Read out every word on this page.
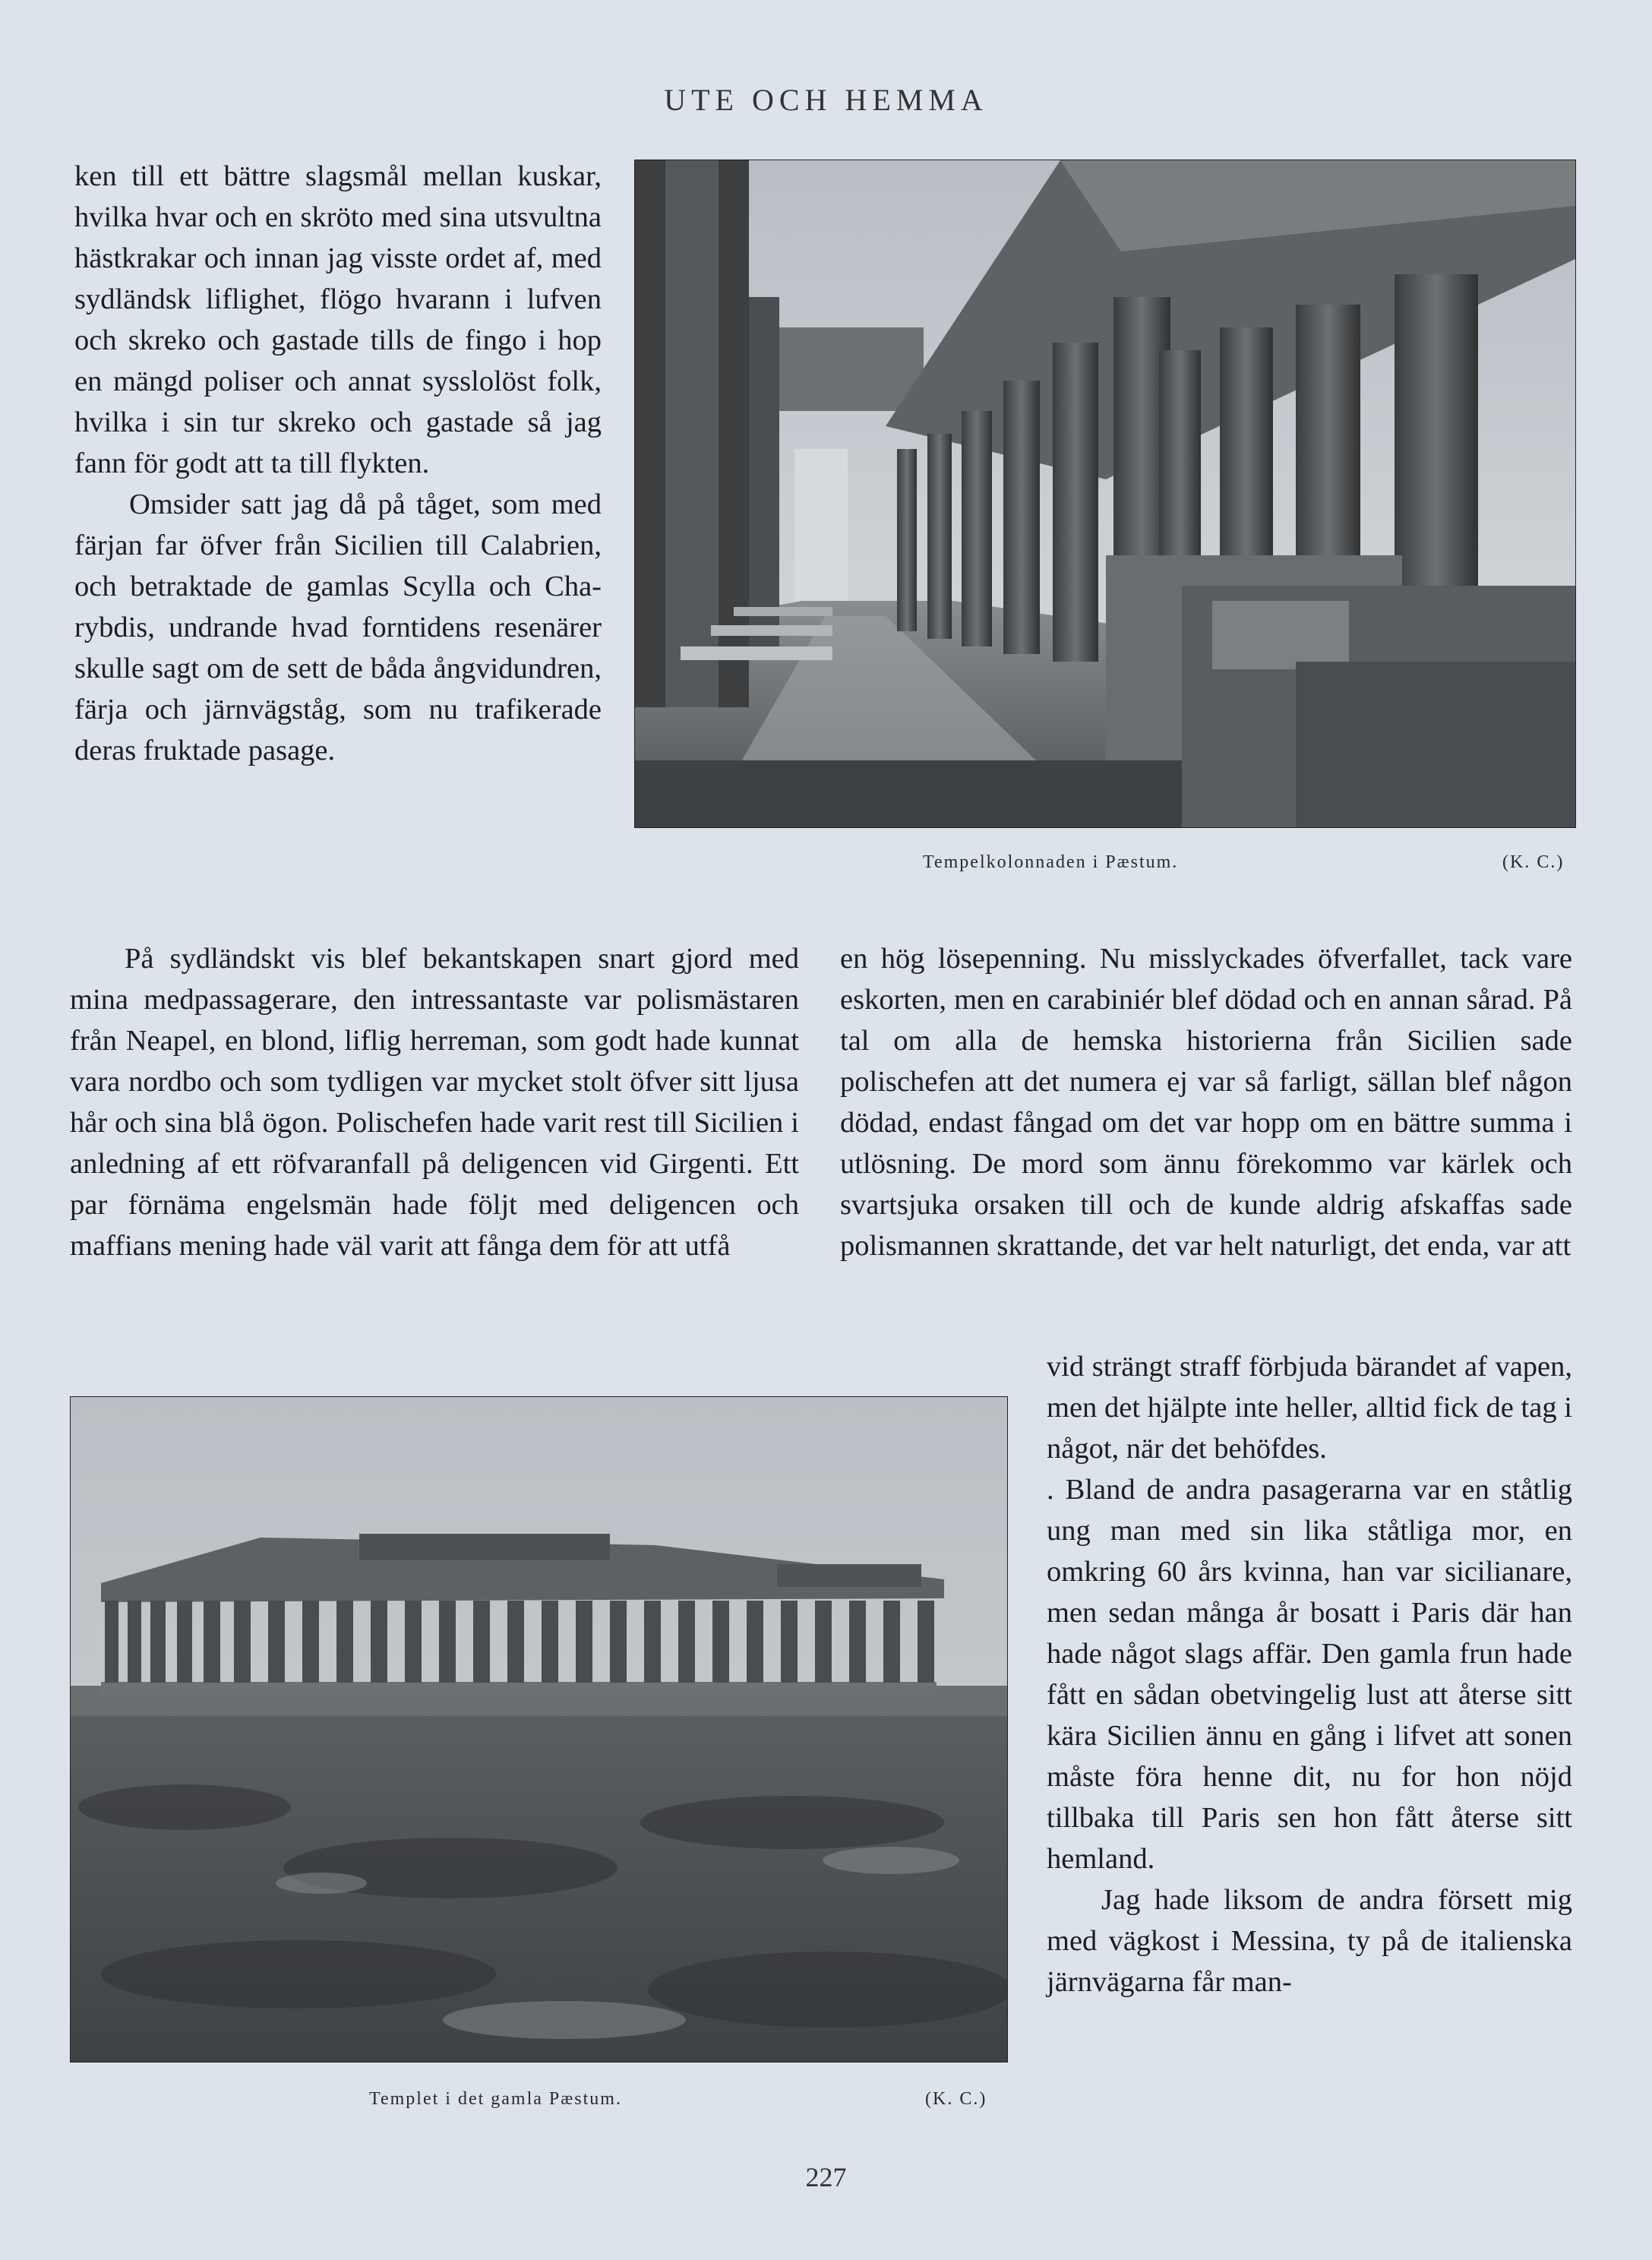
UTE OCH HEMMA

ken till ett bättre slagsmål mellan kuskar, hvilka hvar och en skröto med sina utsvultna hästkrakar och innan jag visste ordet af, med sydländsk liflighet, flögo hvarann i lufven och skreko och gastade tills de fingo i hop en mängd poliser och annat sysslolöst folk, hvilka i sin tur skreko och gastade så jag fann för godt att ta till flykten.

Omsider satt jag då på tåget, som med färjan far öfver från Sicilien till Calabrien, och betraktade de gamlas Scylla och Charybdis, undrande hvad forntidens resenärer skulle sagt om de sett de båda ångvidundren, färja och järnvägståg, som nu trafikerade deras fruktade pasage.

Tempelkolonnaden i Pæstum.	(K. C.)

På sydländskt vis blef bekantskapen snart gjord med mina medpassagerare, den intressantaste var polismästaren från Neapel, en blond, liflig herreman, som godt hade kunnat vara nordbo och som tydligen var mycket stolt öfver sitt ljusa hår och sina blå ögon. Polischefen hade varit rest till Sicilien i anledning af ett röfvaranfall på deligencen vid Girgenti. Ett par förnäma engelsmän hade följt med deligencen och maffians mening hade väl varit att fånga dem för att utfå

en hög lösepenning. Nu misslyckades öfverfallet, tack vare eskorten, men en carabiniér blef dödad och en annan sårad. På tal om alla de hemska historierna från Sicilien sade polischefen att det numera ej var så farligt, sällan blef någon dödad, endast fångad om det var hopp om en bättre summa i utlösning. De mord som ännu förekommo var kärlek och svartsjuka orsaken till och de kunde aldrig afskaffas sade polismannen skrattande, det var helt naturligt, det enda, var att

vid strängt straff förbjuda bärandet af vapen, men det hjälpte inte heller, alltid fick de tag i något, när det behöfdes.

. Bland de andra pasagerarna var en ståtlig ung man med sin lika ståtliga mor, en omkring 60 års kvinna, han var sicilianare, men sedan många år bosatt i Paris där han hade något slags affär. Den gamla frun hade fått en sådan obetvingelig lust att återse sitt kära Sicilien ännu en gång i lifvet att sonen måste föra henne dit, nu for hon nöjd tillbaka till Paris sen hon fått återse sitt hemland.

Jag hade liksom de andra försett mig med vägkost i Messina, ty på de italienska järnvägarna får man-

Templet i det gamla Pæstum.	(K. C.)
227
